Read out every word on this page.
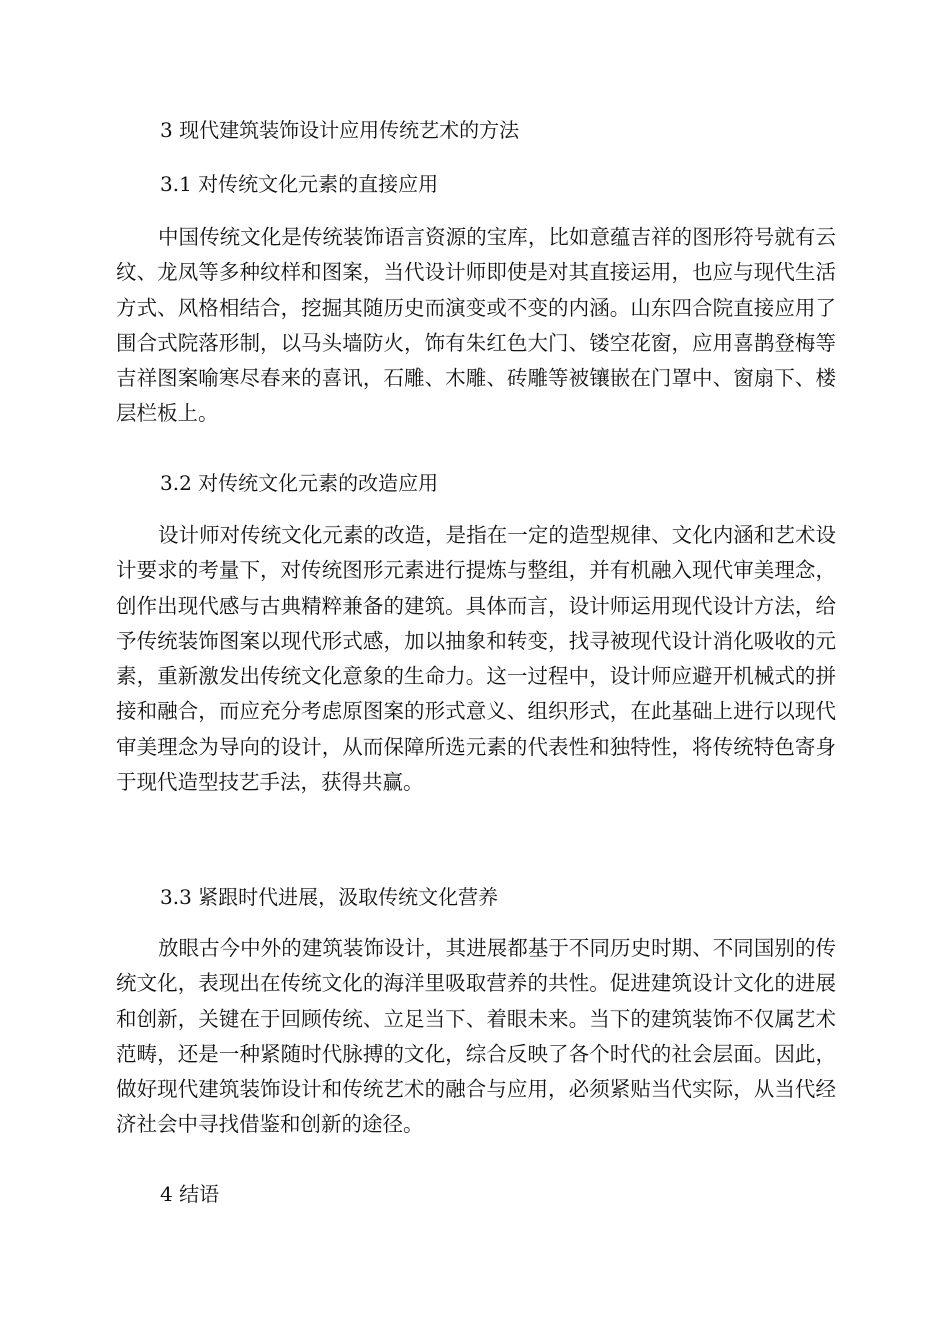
3 现代建筑装饰设计应用传统艺术的方法
3.1 对传统文化元素的直接应用

中国传统文化是传统装饰语言资源的宝库，比如意蕴吉祥的图形符号就有云纹、龙凤等多种纹样和图案，当代设计师即使是对其直接运用，也应与现代生活方式、风格相结合，挖掘其随历史而演变或不变的内涵。山东四合院直接应用了围合式院落形制，以马头墙防火，饰有朱红色大门、镂空花窗，应用喜鹊登梅等吉祥图案喻寒尽春来的喜讯，石雕、木雕、砖雕等被镶嵌在门罩中、窗扇下、楼层栏板上。

3.2 对传统文化元素的改造应用

设计师对传统文化元素的改造，是指在一定的造型规律、文化内涵和艺术设计要求的考量下，对传统图形元素进行提炼与整组，并有机融入现代审美理念，创作出现代感与古典精粹兼备的建筑。具体而言，设计师运用现代设计方法，给予传统装饰图案以现代形式感，加以抽象和转变，找寻被现代设计消化吸收的元素，重新激发出传统文化意象的生命力。这一过程中，设计师应避开机械式的拼接和融合，而应充分考虑原图案的形式意义、组织形式，在此基础上进行以现代审美理念为导向的设计，从而保障所选元素的代表性和独特性，将传统特色寄身于现代造型技艺手法，获得共赢。

3.3 紧跟时代进展，汲取传统文化营养

放眼古今中外的建筑装饰设计，其进展都基于不同历史时期、不同国别的传统文化，表现出在传统文化的海洋里吸取营养的共性。促进建筑设计文化的进展和创新，关键在于回顾传统、立足当下、着眼未来。当下的建筑装饰不仅属艺术范畴，还是一种紧随时代脉搏的文化，综合反映了各个时代的社会层面。因此，做好现代建筑装饰设计和传统艺术的融合与应用，必须紧贴当代实际，从当代经济社会中寻找借鉴和创新的途径。

4 结语
